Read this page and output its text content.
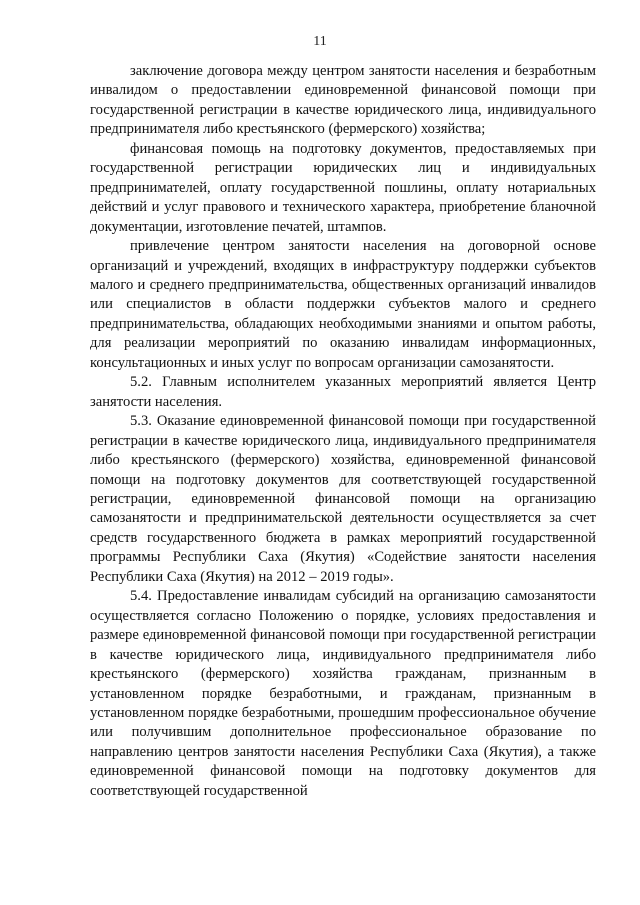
11

заключение договора между центром занятости населения и безработным инвалидом о предоставлении единовременной финансовой помощи при государственной регистрации в качестве юридического лица, индивидуального предпринимателя либо крестьянского (фермерского) хозяйства;

финансовая помощь на подготовку документов, предоставляемых при государственной регистрации юридических лиц и индивидуальных предпринимателей, оплату государственной пошлины, оплату нотариальных действий и услуг правового и технического характера, приобретение бланочной документации, изготовление печатей, штампов.

привлечение центром занятости населения на договорной основе организаций и учреждений, входящих в инфраструктуру поддержки субъектов малого и среднего предпринимательства, общественных организаций инвалидов или специалистов в области поддержки субъектов малого и среднего предпринимательства, обладающих необходимыми знаниями и опытом работы, для реализации мероприятий по оказанию инвалидам информационных, консультационных и иных услуг по вопросам организации самозанятости.

5.2. Главным исполнителем указанных мероприятий является Центр занятости населения.

5.3. Оказание единовременной финансовой помощи при государственной регистрации в качестве юридического лица, индивидуального предпринимателя либо крестьянского (фермерского) хозяйства, единовременной финансовой помощи на подготовку документов для соответствующей государственной регистрации, единовременной финансовой помощи на организацию самозанятости и предпринимательской деятельности осуществляется за счет средств государственного бюджета в рамках мероприятий государственной программы Республики Саха (Якутия) «Содействие занятости населения Республики Саха (Якутия) на 2012 – 2019 годы».

5.4. Предоставление инвалидам субсидий на организацию самозанятости осуществляется согласно Положению о порядке, условиях предоставления и размере единовременной финансовой помощи при государственной регистрации в качестве юридического лица, индивидуального предпринимателя либо крестьянского (фермерского) хозяйства гражданам, признанным в установленном порядке безработными, и гражданам, признанным в установленном порядке безработными, прошедшим профессиональное обучение или получившим дополнительное профессиональное образование по направлению центров занятости населения Республики Саха (Якутия), а также единовременной финансовой помощи на подготовку документов для соответствующей государственной
